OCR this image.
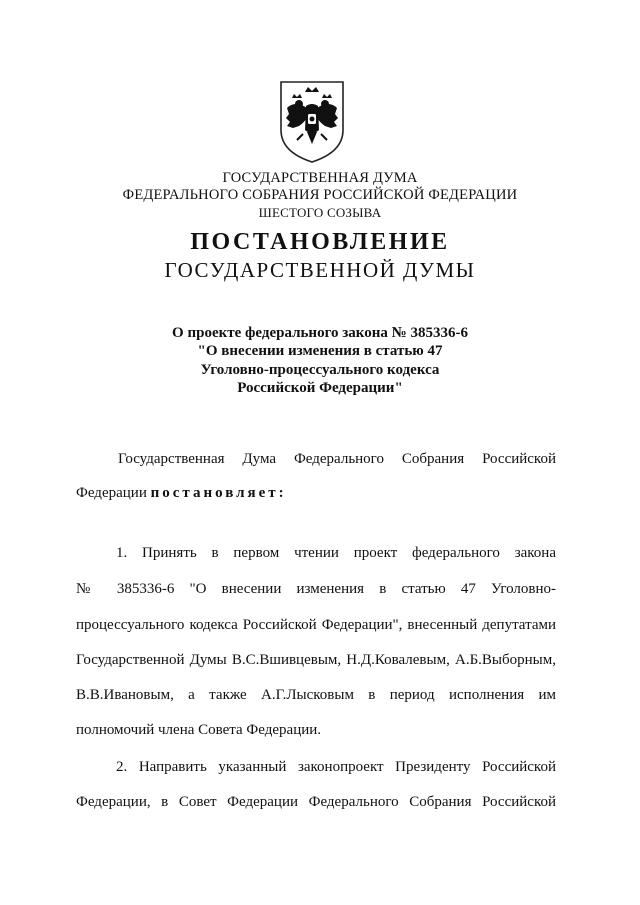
ГОСУДАРСТВЕННАЯ ДУМА
ФЕДЕРАЛЬНОГО СОБРАНИЯ РОССИЙСКОЙ ФЕДЕРАЦИИ
ШЕСТОГО СОЗЫВА
ПОСТАНОВЛЕНИЕ
ГОСУДАРСТВЕННОЙ ДУМЫ
О проекте федерального закона № 385336-6
"О внесении изменения в статью 47
Уголовно-процессуального кодекса
Российской Федерации"
Государственная Дума Федерального Собрания Российской
Федерации постановляет:
1. Принять в первом чтении проект федерального закона
№ 385336-6 "О внесении изменения в статью 47 Уголовно-
процессуального кодекса Российской Федерации", внесенный депутатами
Государственной Думы В.С.Вшивцевым, Н.Д.Ковалевым, А.Б.Выборным,
В.В.Ивановым, а также А.Г.Лысковым в период исполнения им
полномочий члена Совета Федерации.
2. Направить указанный законопроект Президенту Российской
Федерации, в Совет Федерации Федерального Собрания Российской
